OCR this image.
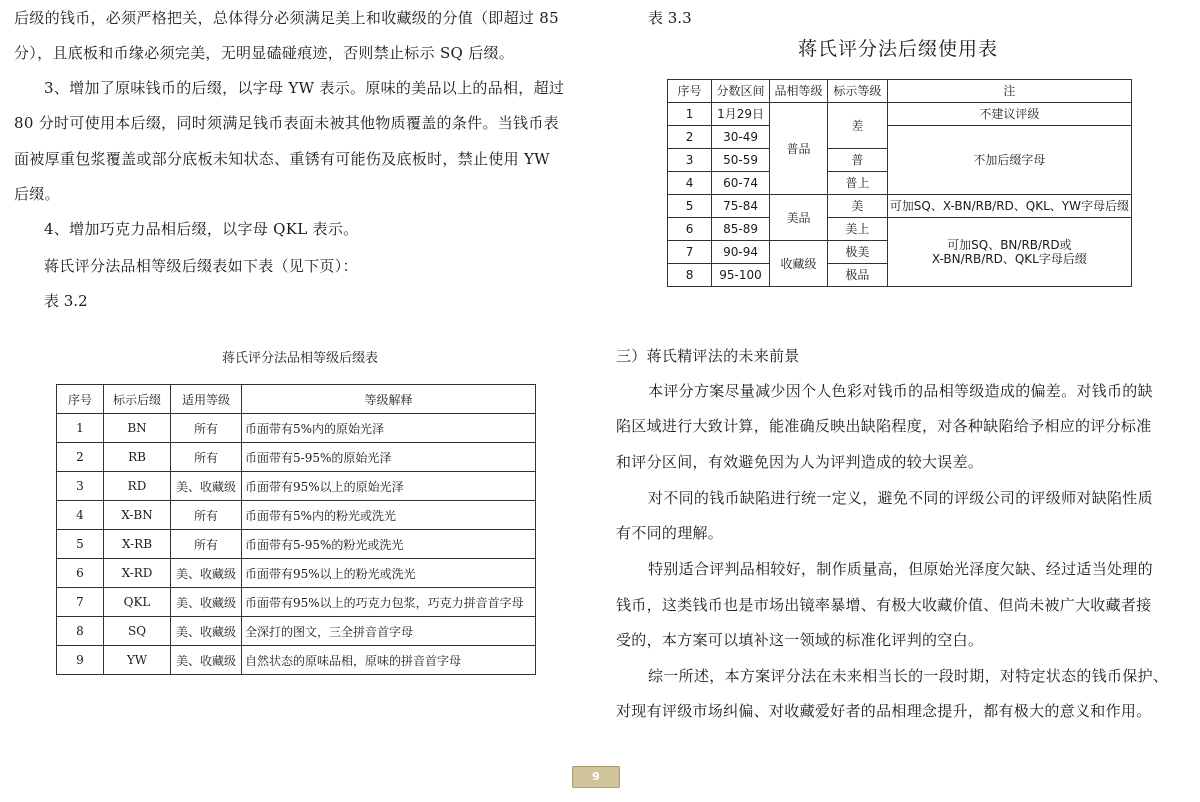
后级的钱币，必须严格把关，总体得分必须满足美上和收藏级的分值（即超过 85

分），且底板和币缘必须完美，无明显磕碰痕迹，否则禁止标示 SQ 后缀。

3、增加了原味钱币的后缀，以字母 YW 表示。原味的美品以上的品相，超过

80 分时可使用本后缀，同时须满足钱币表面未被其他物质覆盖的条件。当钱币表

面被厚重包浆覆盖或部分底板未知状态、重锈有可能伤及底板时，禁止使用 YW

后缀。

4、增加巧克力品相后缀，以字母 QKL 表示。

蒋氏评分法品相等级后缀表如下表（见下页）：

表 3.2

蒋氏评分法品相等级后缀表

序号	标示后缀	适用等级	等级解释
1	BN	所有	币面带有5%内的原始光泽
2	RB	所有	币面带有5-95%的原始光泽
3	RD	美、收藏级	币面带有95%以上的原始光泽
4	X-BN	所有	币面带有5%内的粉光或洗光
5	X-RB	所有	币面带有5-95%的粉光或洗光
6	X-RD	美、收藏级	币面带有95%以上的粉光或洗光
7	QKL	美、收藏级	币面带有95%以上的巧克力包浆，巧克力拼音首字母
8	SQ	美、收藏级	全深打的图文，三全拼音首字母
9	YW	美、收藏级	自然状态的原味品相，原味的拼音首字母

表 3.3

蒋氏评分法后缀使用表

序号	分数区间	品相等级	标示等级	注
1	1月29日	普品	差	不建议评级
2	30-49			不加后缀字母
3	50-59		普	
4	60-74		普上	
5	75-84	美品	美	可加SQ、X-BN/RB/RD、QKL、YW字母后缀
6	85-89		美上	可加SQ、BN/RB/RD或
X-BN/RB/RD、QKL字母后缀

7	90-94	收藏级	极美	
8	95-100		极品	

三）蒋氏精评法的未来前景

本评分方案尽量减少因个人色彩对钱币的品相等级造成的偏差。对钱币的缺

陷区域进行大致计算，能准确反映出缺陷程度，对各种缺陷给予相应的评分标准

和评分区间，有效避免因为人为评判造成的较大误差。

对不同的钱币缺陷进行统一定义，避免不同的评级公司的评级师对缺陷性质

有不同的理解。

特别适合评判品相较好，制作质量高，但原始光泽度欠缺、经过适当处理的

钱币，这类钱币也是市场出镜率暴增、有极大收藏价值、但尚未被广大收藏者接

受的，本方案可以填补这一领域的标准化评判的空白。

综一所述，本方案评分法在未来相当长的一段时期，对特定状态的钱币保护、

对现有评级市场纠偏、对收藏爱好者的品相理念提升，都有极大的意义和作用。

9
